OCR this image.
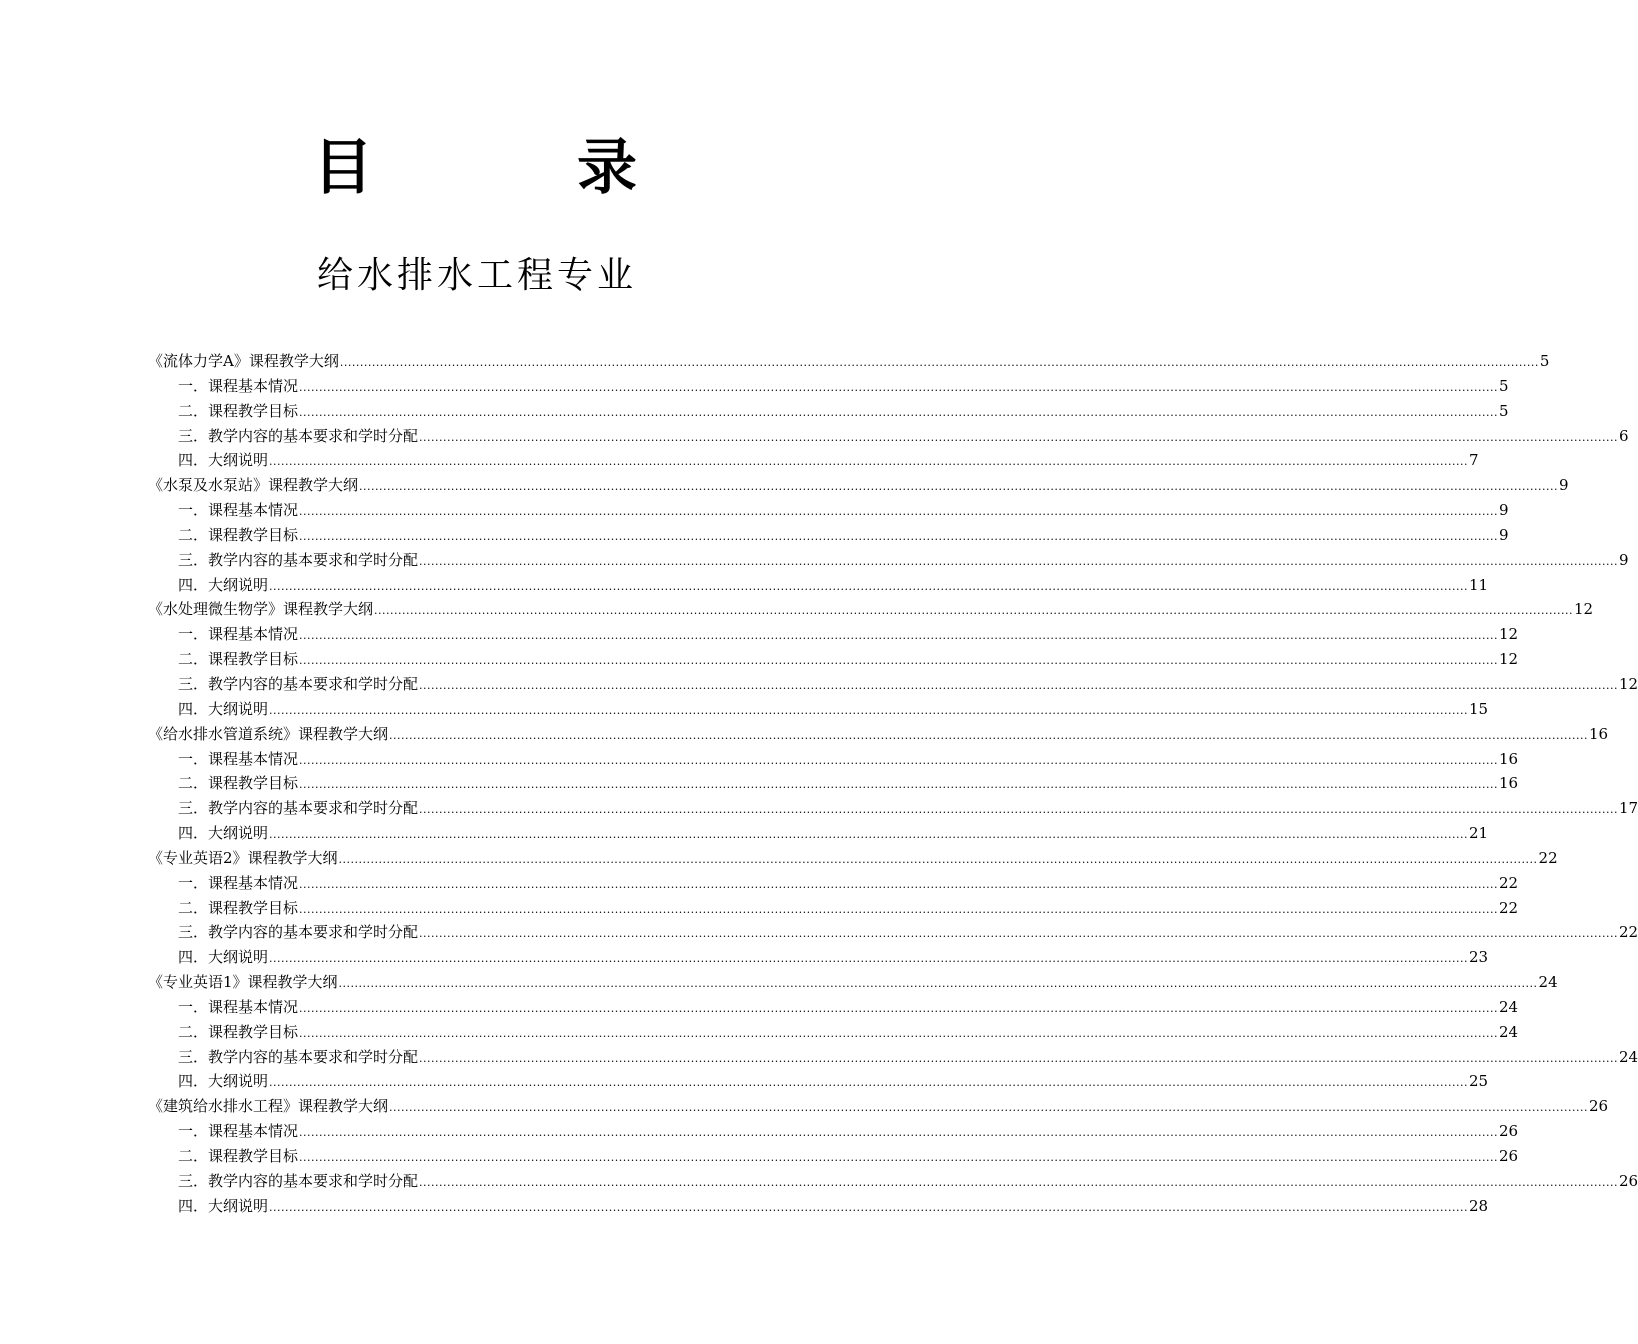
目　录
给水排水工程专业
《流体力学A》课程教学大纲 ............................................................................................................................................................................................................................................................................................................ 5
一．课程基本情况 ............................................................................................................................................................................................................................................................................................................ 5
二．课程教学目标 ............................................................................................................................................................................................................................................................................................................ 5
三．教学内容的基本要求和学时分配 ............................................................................................................................................................................................................................................................................................................ 6
四．大纲说明 ............................................................................................................................................................................................................................................................................................................ 7
《水泵及水泵站》课程教学大纲 ............................................................................................................................................................................................................................................................................................................ 9
一．课程基本情况 ............................................................................................................................................................................................................................................................................................................ 9
二．课程教学目标 ............................................................................................................................................................................................................................................................................................................ 9
三．教学内容的基本要求和学时分配 ............................................................................................................................................................................................................................................................................................................ 9
四．大纲说明 ............................................................................................................................................................................................................................................................................................................ 11
《水处理微生物学》课程教学大纲 ............................................................................................................................................................................................................................................................................................................ 12
一．课程基本情况 ............................................................................................................................................................................................................................................................................................................ 12
二．课程教学目标 ............................................................................................................................................................................................................................................................................................................ 12
三．教学内容的基本要求和学时分配 ............................................................................................................................................................................................................................................................................................................ 12
四．大纲说明 ............................................................................................................................................................................................................................................................................................................ 15
《给水排水管道系统》课程教学大纲 ............................................................................................................................................................................................................................................................................................................ 16
一．课程基本情况 ............................................................................................................................................................................................................................................................................................................ 16
二．课程教学目标 ............................................................................................................................................................................................................................................................................................................ 16
三．教学内容的基本要求和学时分配 ............................................................................................................................................................................................................................................................................................................ 17
四．大纲说明 ............................................................................................................................................................................................................................................................................................................ 21
《专业英语2》课程教学大纲 ............................................................................................................................................................................................................................................................................................................ 22
一．课程基本情况 ............................................................................................................................................................................................................................................................................................................ 22
二．课程教学目标 ............................................................................................................................................................................................................................................................................................................ 22
三．教学内容的基本要求和学时分配 ............................................................................................................................................................................................................................................................................................................ 22
四．大纲说明 ............................................................................................................................................................................................................................................................................................................ 23
《专业英语1》课程教学大纲 ............................................................................................................................................................................................................................................................................................................ 24
一．课程基本情况 ............................................................................................................................................................................................................................................................................................................ 24
二．课程教学目标 ............................................................................................................................................................................................................................................................................................................ 24
三．教学内容的基本要求和学时分配 ............................................................................................................................................................................................................................................................................................................ 24
四．大纲说明 ............................................................................................................................................................................................................................................................................................................ 25
《建筑给水排水工程》课程教学大纲 ............................................................................................................................................................................................................................................................................................................ 26
一．课程基本情况 ............................................................................................................................................................................................................................................................................................................ 26
二．课程教学目标 ............................................................................................................................................................................................................................................................................................................ 26
三．教学内容的基本要求和学时分配 ............................................................................................................................................................................................................................................................................................................ 26
四．大纲说明 ............................................................................................................................................................................................................................................................................................................ 28
